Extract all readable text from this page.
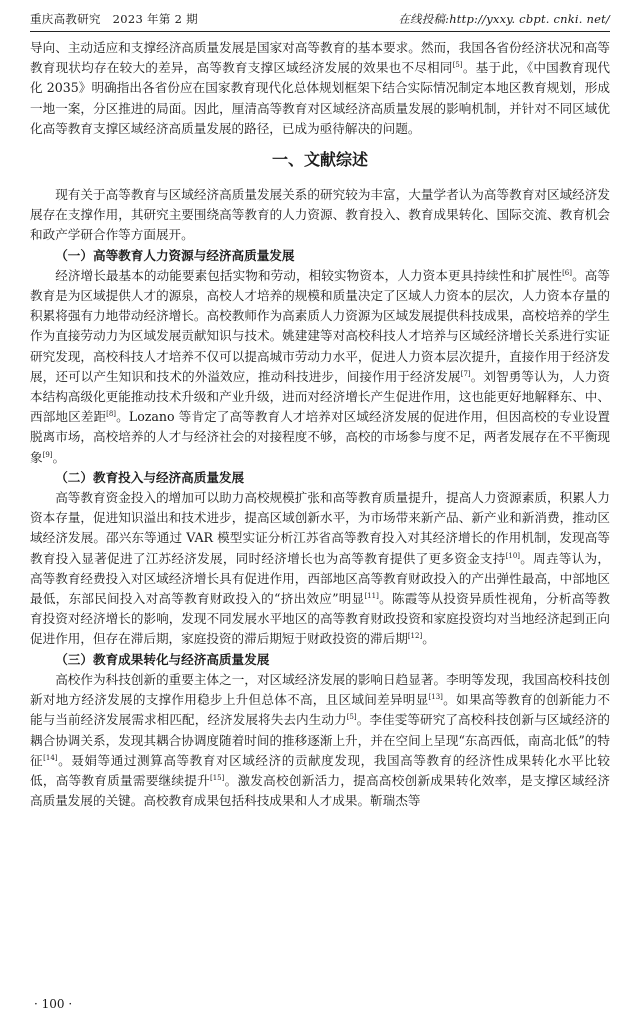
重庆高教研究　2023 年第 2 期	在线投稿:http://yxxy. cbpt. cnki. net/

导向、主动适应和支撑经济高质量发展是国家对高等教育的基本要求。然而，我国各省份经济状况和高等教育现状均存在较大的差异，高等教育支撑区域经济发展的效果也不尽相同[5]。基于此，《中国教育现代化 2035》明确指出各省份应在国家教育现代化总体规划框架下结合实际情况制定本地区教育规划，形成一地一案，分区推进的局面。因此，厘清高等教育对区域经济高质量发展的影响机制，并针对不同区域优化高等教育支撑区域经济高质量发展的路径，已成为亟待解决的问题。

一、文献综述

现有关于高等教育与区域经济高质量发展关系的研究较为丰富，大量学者认为高等教育对区域经济发展存在支撑作用，其研究主要围绕高等教育的人力资源、教育投入、教育成果转化、国际交流、教育机会和政产学研合作等方面展开。

（一）高等教育人力资源与经济高质量发展

经济增长最基本的动能要素包括实物和劳动，相较实物资本，人力资本更具持续性和扩展性[6]。高等教育是为区域提供人才的源泉，高校人才培养的规模和质量决定了区域人力资本的层次，人力资本存量的积累将强有力地带动经济增长。高校教师作为高素质人力资源为区域发展提供科技成果，高校培养的学生作为直接劳动力为区域发展贡献知识与技术。姚建建等对高校科技人才培养与区域经济增长关系进行实证研究发现，高校科技人才培养不仅可以提高城市劳动力水平，促进人力资本层次提升，直接作用于经济发展，还可以产生知识和技术的外溢效应，推动科技进步，间接作用于经济发展[7]。刘智勇等认为，人力资本结构高级化更能推动技术升级和产业升级，进而对经济增长产生促进作用，这也能更好地解释东、中、西部地区差距[8]。Lozano 等肯定了高等教育人才培养对区域经济发展的促进作用，但因高校的专业设置脱离市场，高校培养的人才与经济社会的对接程度不够，高校的市场参与度不足，两者发展存在不平衡现象[9]。

（二）教育投入与经济高质量发展

高等教育资金投入的增加可以助力高校规模扩张和高等教育质量提升，提高人力资源素质，积累人力资本存量，促进知识溢出和技术进步，提高区域创新水平，为市场带来新产品、新产业和新消费，推动区域经济发展。邵兴东等通过 VAR 模型实证分析江苏省高等教育投入对其经济增长的作用机制，发现高等教育投入显著促进了江苏经济发展，同时经济增长也为高等教育提供了更多资金支持[10]。周垚等认为，高等教育经费投入对区域经济增长具有促进作用，西部地区高等教育财政投入的产出弹性最高，中部地区最低，东部民间投入对高等教育财政投入的“挤出效应”明显[11]。陈霞等从投资异质性视角，分析高等教育投资对经济增长的影响，发现不同发展水平地区的高等教育财政投资和家庭投资均对当地经济起到正向促进作用，但存在滞后期，家庭投资的滞后期短于财政投资的滞后期[12]。

（三）教育成果转化与经济高质量发展

高校作为科技创新的重要主体之一，对区域经济发展的影响日趋显著。李明等发现，我国高校科技创新对地方经济发展的支撑作用稳步上升但总体不高，且区域间差异明显[13]。如果高等教育的创新能力不能与当前经济发展需求相匹配，经济发展将失去内生动力[5]。李佳雯等研究了高校科技创新与区域经济的耦合协调关系，发现其耦合协调度随着时间的推移逐渐上升，并在空间上呈现“东高西低，南高北低”的特征[14]。聂娟等通过测算高等教育对区域经济的贡献度发现，我国高等教育的经济性成果转化水平比较低，高等教育质量需要继续提升[15]。激发高校创新活力，提高高校创新成果转化效率，是支撑区域经济高质量发展的关键。高校教育成果包括科技成果和人才成果。靳瑞杰等

· 100 ·
